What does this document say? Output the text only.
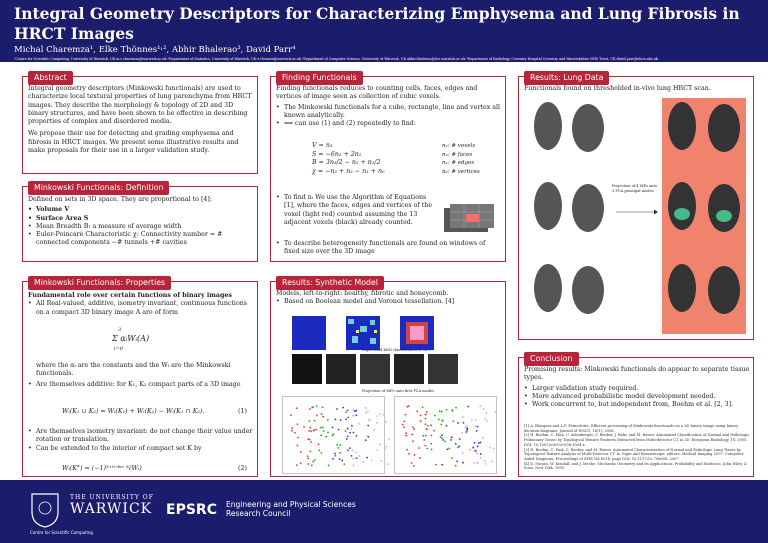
Integral Geometry Descriptors for Characterizing Emphysema and Lung Fibrosis in HRCT Images
Michal Charemza¹, Elke Thönnes¹˒², Abhir Bhalerao³, David Parr⁴
¹Centre for Scientific Computing, University of Warwick, UK m.t.charemza@warwick.ac.uk ²Department of Statistics, University of Warwick, UK e.thonnes@warwick.ac.uk ³Department of Computer Science, University of Warwick, UK abhir.bhalerao@dcs.warwick.ac.uk ⁴Department of Radiology, Coventry Hospital Coventry and Warwickshire NHS Trust, UK david.parr@uhcw.nhs.uk
Abstract

Integral geometry descriptors (Minkowski functionals) are used to characterize local textural properties of lung parenchyma from HRCT images. They describe the morphology & topology of 2D and 3D binary structures, and have been shown to be effective in describing properties of complex and disordered media.

We propose their use for detecting and grading emphysema and fibrosis in HRCT images. We present some illustrative results and make proposals for their use in a larger validation study.

Minkowski Functionals: Definition

Defined on sets in 3D space. They are proportional to [4]:

• Volume V
• Surface Area S
• Mean Breadth B: a measure of average width
• Euler-Poincaré Characteristic χ: Connectivity number = # connected components −# tunnels +# cavities
Minkowski Functionals: Properties

Fundamental role over certain functions of binary images

• All Real-valued, additive, isometry invariant, continuous functions on a compact 3D binary image A are of form
3
Σ αᵢWᵢ(A)
i=0

where the αᵢ are the constants and the Wᵢ are the Minkowski functionals.

• Are themselves additive: for K₁, K₂ compact parts of a 3D image
Wᵢ(K₁ ∪ K₂) = Wᵢ(K₁) + Wᵢ(K₂) − Wᵢ(K₁ ∩ K₂).	(1)
• Are themselves isometry invariant: do not change their value under rotation or translation.
• Can be extended to the interior of compact set K by
Wᵢ(K°) = (−1)³⁺ⁱ⁺ᵈⁱᵐ ᴷ(Wᵢ)	(2)
Finding Functionals

Finding functionals reduces to counting cells, faces, edges and vertices of image seen as collection of cubic voxels.

• The Minkowski functionals for a cube, rectangle, line and vertex all known analytically.
• ⟹ can use (1) and (2) repeatedly to find:
V = n₃
S = −6n₃ + 2n₂
B = 3n₃/2 − n₂ + n₁/2
χ = −n₃ + n₂ − n₁ + n₀
n₃: # voxels
n₂: # faces
n₁: # edges
n₀: # vertices
• To find nᵢ We use the Algorithm of Equations [1], where the faces, edges and vertices of the voxel (light red) counted assuming the 13 adjacent voxels (black) already counted.
• To describe heterogeneity functionals are found on windows of fixed size over the 3D image
Results: Synthetic Model

Models, left-to-right: healthy, fibrotic and honeycomb.

• Based on Boolean model and Voronoi tessellation. [4]
Supervised kNN classification of MFs
Projection of MFs onto first PCA modes
Results: Lung Data
Functionals found on thresholded in-vivo lung HRCT scan.
Projection of 4 MFs onto 3 PCA principal modes
Conclusion

Promising results: Minkowski functionals do appear to separate tissue types.

• Larger validation study required.
• More advanced probabilistic model development needed.
• Work concurrent to, but independent from, Boehm et al. [2, 3].

[1] A. Blasquez and L.F. Poincelotte. Efficient processing of Minkowski functionals on a 3D binary image using binary decision diagrams. Journal of WSCG, 16(1), 2008.

[2] H. Boehm, C. Fink, U. Attenberger, C. Becker, J. Behr, and M. Reiser. Automated Classification of Normal and Pathologic Pulmonary Tissue by Topological Texture Features Extracted from Multi-detector CT in 3D. European Radiology, 18, 2008. DOI: 10.1007/s00330-008-1004-z.

[3] H. Boehm, C. Fink, C. Becker, and M. Reiser. Automated Characterization of Normal and Pathologic Lung Tissue by Topological Texture Analysis of Multi-Detector CT. In Giger and Karssemeijer, editors, Medical Imaging 2007: Computer-Aided Diagnosis, Proceedings of SPIE Vol 6514, page DOI: 10.1117/12.708608, 2007.

[4] D. Stoyan, W. Kendall, and J. Mecke. Stochastic Geometry and its Applications. Probability and Statistics. John Wiley & Sons, New York, 1995.

THE UNIVERSITY OF
WARWICK
Centre for Scientific Computing
EPSRC Engineering and Physical Sciences
Research Council
